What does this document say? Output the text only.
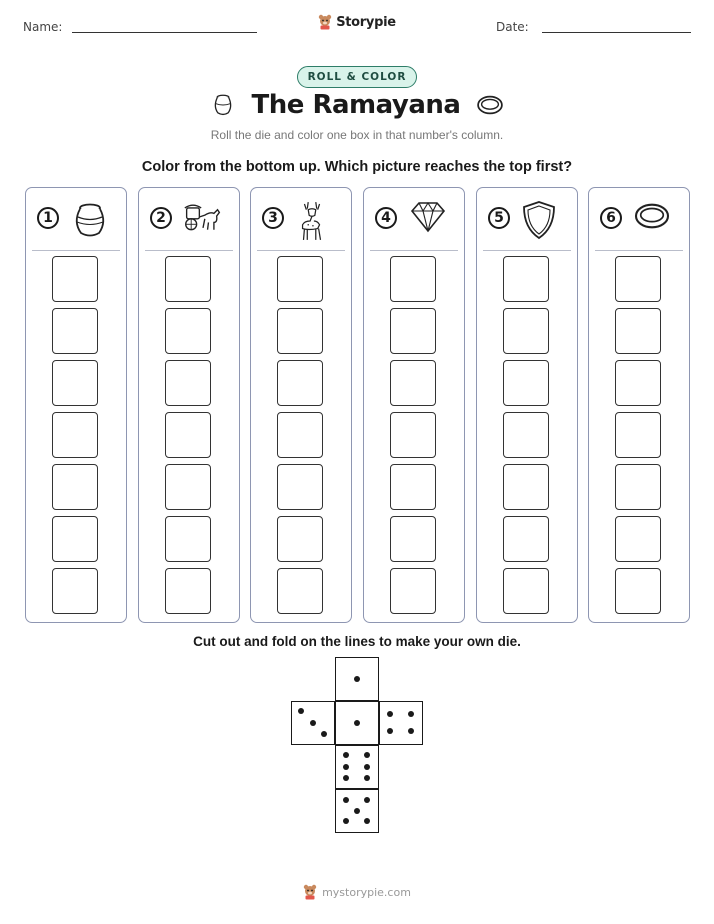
Name:	Storypie	Date:
ROLL & COLOR
The Ramayana
Roll the die and color one box in that number's column.
Color from the bottom up. Which picture reaches the top first?
1	2	3	4	5	6
Cut out and fold on the lines to make your own die.
mystorypie.com
